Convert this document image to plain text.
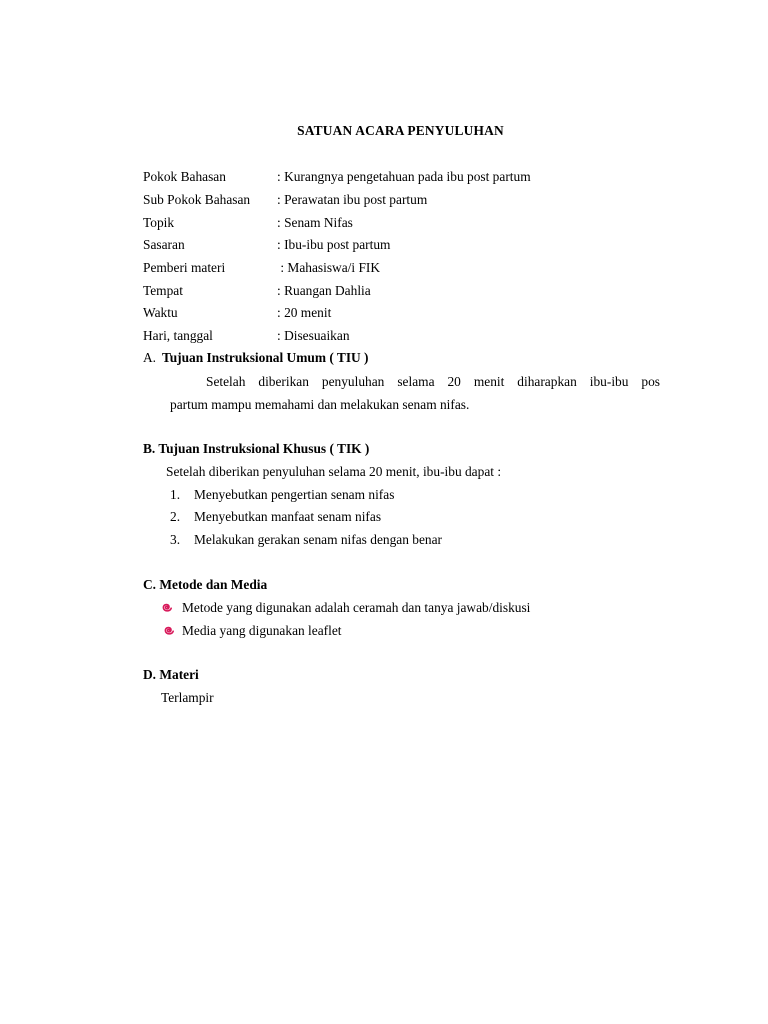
SATUAN ACARA PENYULUHAN
Pokok Bahasan	: Kurangnya pengetahuan pada ibu post partum
Sub Pokok Bahasan : Perawatan ibu post partum
Topik	: Senam Nifas
Sasaran	: Ibu-ibu post partum
Pemberi materi	: Mahasiswa/i FIK
Tempat	: Ruangan Dahlia
Waktu	: 20 menit
Hari, tanggal	: Disesuaikan
A. Tujuan Instruksional Umum ( TIU )
Setelah diberikan penyuluhan selama 20 menit diharapkan ibu-ibu pos
partum mampu memahami dan melakukan senam nifas.
B. Tujuan Instruksional Khusus ( TIK )
Setelah diberikan penyuluhan selama 20 menit, ibu-ibu dapat :
1. Menyebutkan pengertian senam nifas
2. Menyebutkan manfaat senam nifas
3. Melakukan gerakan senam nifas dengan benar
C. Metode dan Media
Metode yang digunakan adalah ceramah dan tanya jawab/diskusi
Media yang digunakan leaflet
D. Materi
Terlampir
